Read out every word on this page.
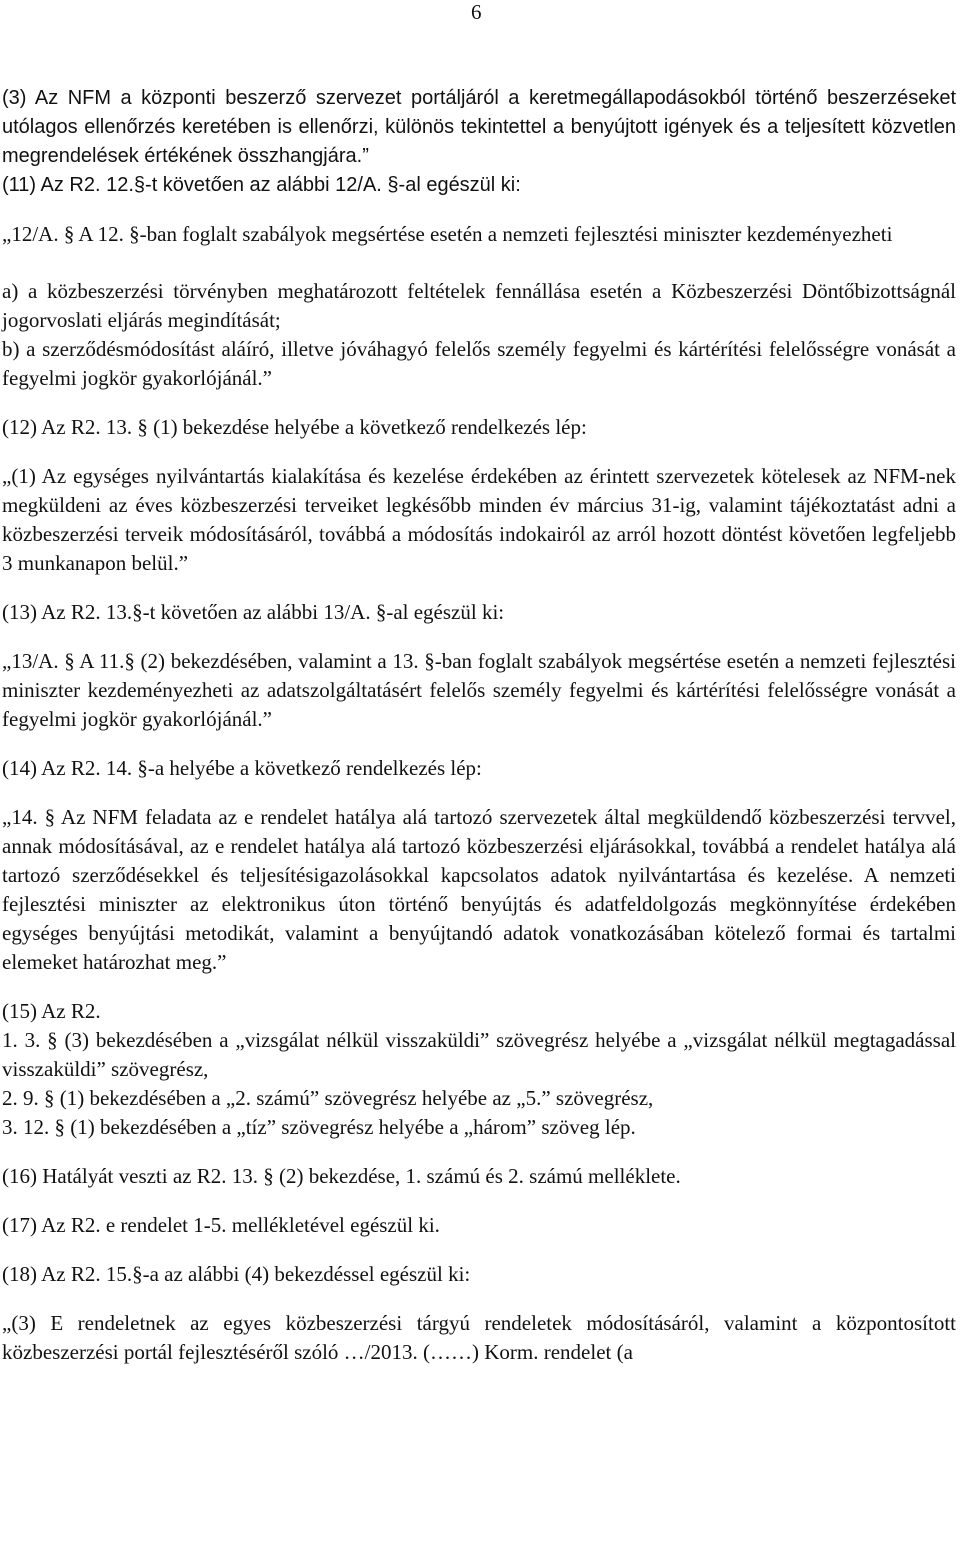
6

(3) Az NFM a központi beszerző szervezet portáljáról a keretmegállapodásokból történő beszerzéseket utólagos ellenőrzés keretében is ellenőrzi, különös tekintettel a benyújtott igények és a teljesített közvetlen megrendelések értékének összhangjára.”

(11) Az R2. 12.§-t követően az alábbi 12/A. §-al egészül ki:

„12/A. § A 12. §-ban foglalt szabályok megsértése esetén a nemzeti fejlesztési miniszter kezdeményezheti

a) a közbeszerzési törvényben meghatározott feltételek fennállása esetén a Közbeszerzési Döntőbizottságnál jogorvoslati eljárás megindítását;

b) a szerződésmódosítást aláíró, illetve jóváhagyó felelős személy fegyelmi és kártérítési felelősségre vonását a fegyelmi jogkör gyakorlójánál.”

(12) Az R2. 13. § (1) bekezdése helyébe a következő rendelkezés lép:

„(1) Az egységes nyilvántartás kialakítása és kezelése érdekében az érintett szervezetek kötelesek az NFM-nek megküldeni az éves közbeszerzési terveiket legkésőbb minden év március 31-ig, valamint tájékoztatást adni a közbeszerzési terveik módosításáról, továbbá a módosítás indokairól az arról hozott döntést követően legfeljebb 3 munkanapon belül.”

(13) Az R2. 13.§-t követően az alábbi 13/A. §-al egészül ki:

„13/A. § A 11.§ (2) bekezdésében, valamint a 13. §-ban foglalt szabályok megsértése esetén a nemzeti fejlesztési miniszter kezdeményezheti az adatszolgáltatásért felelős személy fegyelmi és kártérítési felelősségre vonását a fegyelmi jogkör gyakorlójánál.”

(14) Az R2. 14. §-a helyébe a következő rendelkezés lép:

„14. § Az NFM feladata az e rendelet hatálya alá tartozó szervezetek által megküldendő közbeszerzési tervvel, annak módosításával, az e rendelet hatálya alá tartozó közbeszerzési eljárásokkal, továbbá a rendelet hatálya alá tartozó szerződésekkel és teljesítésigazolásokkal kapcsolatos adatok nyilvántartása és kezelése. A nemzeti fejlesztési miniszter az elektronikus úton történő benyújtás és adatfeldolgozás megkönnyítése érdekében egységes benyújtási metodikát, valamint a benyújtandó adatok vonatkozásában kötelező formai és tartalmi elemeket határozhat meg.”

(15) Az R2.

1. 3. § (3) bekezdésében a „vizsgálat nélkül visszaküldi” szövegrész helyébe a „vizsgálat nélkül megtagadással visszaküldi” szövegrész,

2. 9. § (1) bekezdésében a „2. számú” szövegrész helyébe az „5.” szövegrész,

3. 12. § (1) bekezdésében a „tíz” szövegrész helyébe a „három” szöveg lép.

(16) Hatályát veszti az R2. 13. § (2) bekezdése, 1. számú és 2. számú melléklete.

(17) Az R2. e rendelet 1-5. mellékletével egészül ki.

(18) Az R2. 15.§-a az alábbi (4) bekezdéssel egészül ki:

„(3) E rendeletnek az egyes közbeszerzési tárgyú rendeletek módosításáról, valamint a központosított közbeszerzési portál fejlesztéséről szóló …/2013. (……) Korm. rendelet (a
